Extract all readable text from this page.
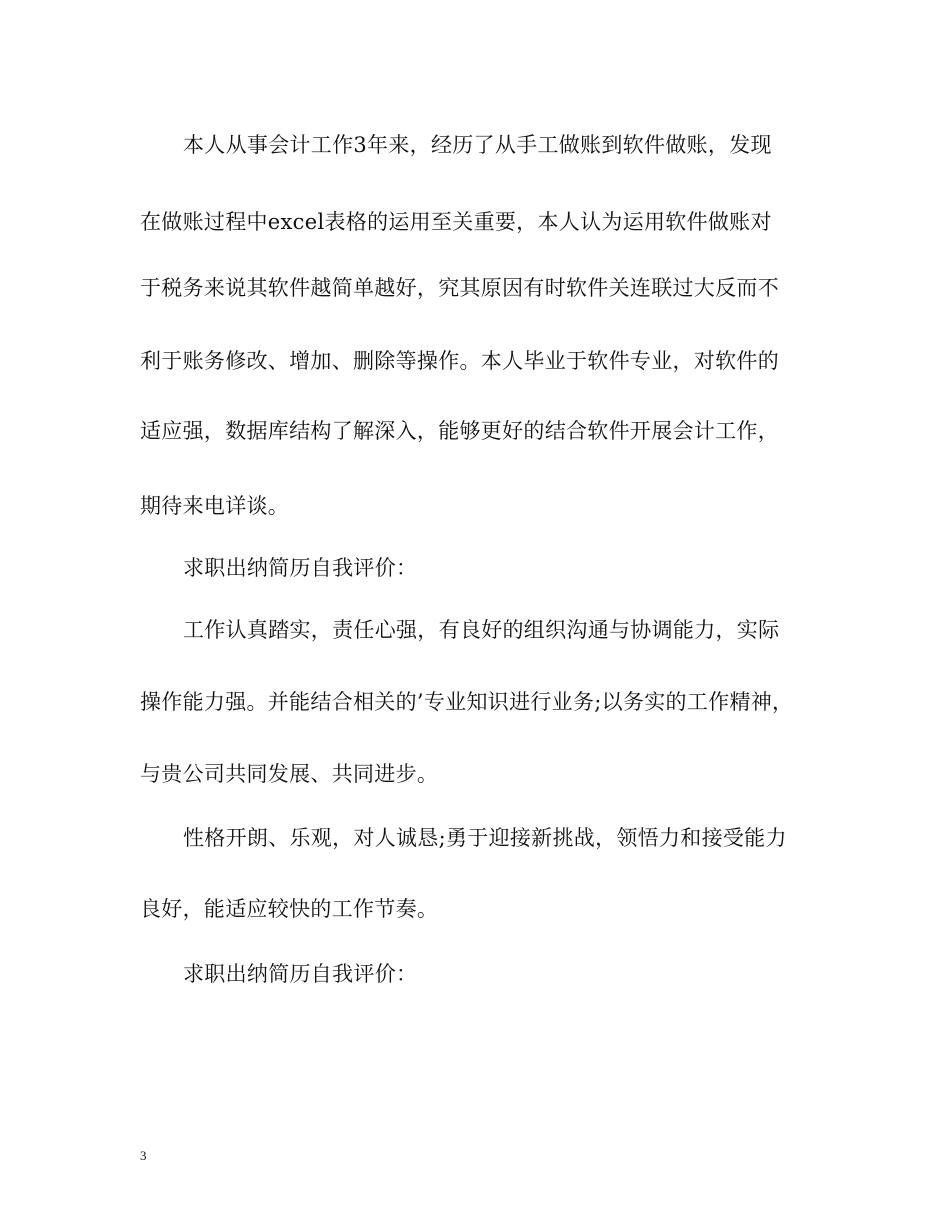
本人从事会计工作3年来，经历了从手工做账到软件做账，发现
在做账过程中excel表格的运用至关重要，本人认为运用软件做账对
于税务来说其软件越简单越好，究其原因有时软件关连联过大反而不
利于账务修改、增加、删除等操作。本人毕业于软件专业，对软件的
适应强，数据库结构了解深入，能够更好的结合软件开展会计工作，
期待来电详谈。
求职出纳简历自我评价：
工作认真踏实，责任心强，有良好的组织沟通与协调能力，实际
操作能力强。并能结合相关的’专业知识进行业务;以务实的工作精神，
与贵公司共同发展、共同进步。
性格开朗、乐观，对人诚恳;勇于迎接新挑战，领悟力和接受能力
良好，能适应较快的工作节奏。
求职出纳简历自我评价：
3
